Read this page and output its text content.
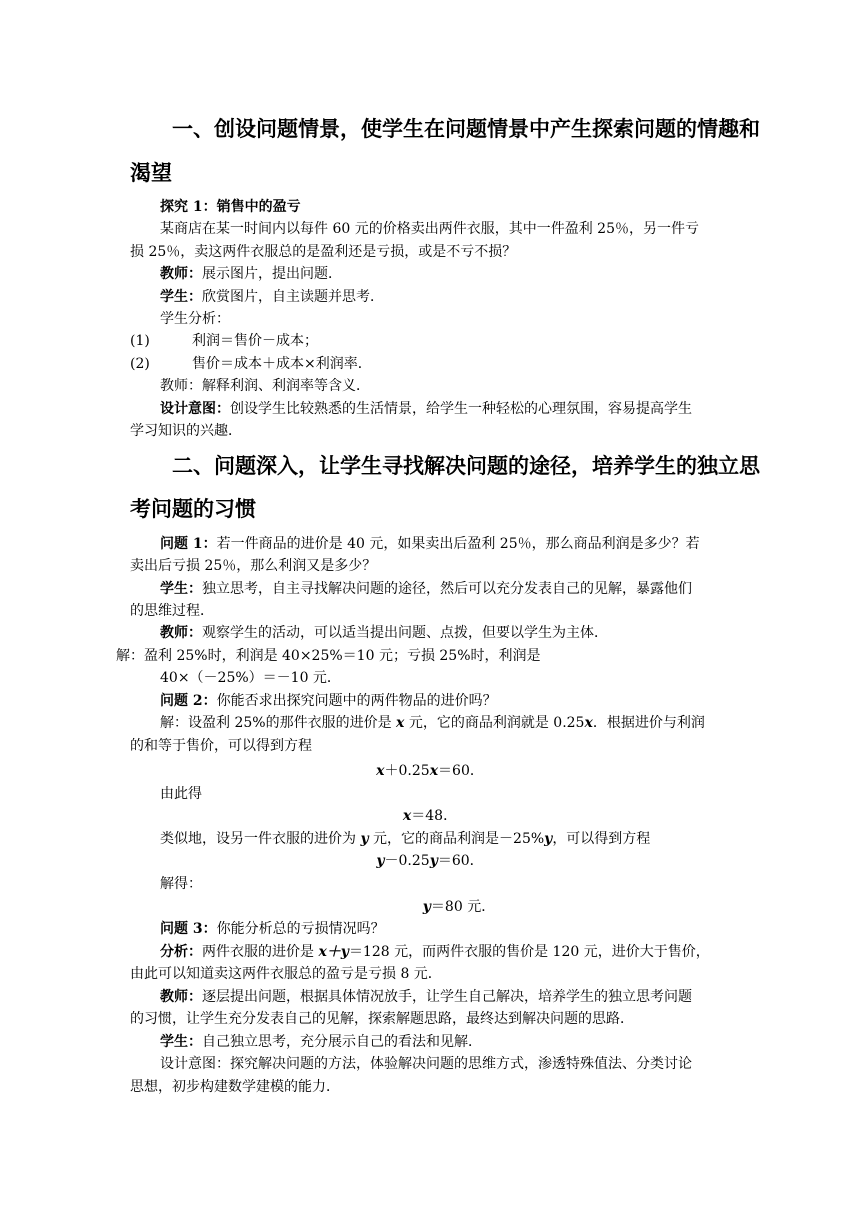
一、创设问题情景，使学生在问题情景中产生探索问题的情趣和
渴望
探究 1：销售中的盈亏
某商店在某一时间内以每件 60 元的价格卖出两件衣服，其中一件盈利 25％，另一件亏
损 25％，卖这两件衣服总的是盈利还是亏损，或是不亏不损？
教师：展示图片，提出问题．
学生：欣赏图片，自主读题并思考．
学生分析：
(1)	利润＝售价－成本；
(2)	售价＝成本＋成本×利润率．
教师：解释利润、利润率等含义．
设计意图：创设学生比较熟悉的生活情景，给学生一种轻松的心理氛围，容易提高学生
学习知识的兴趣．
二、问题深入，让学生寻找解决问题的途径，培养学生的独立思
考问题的习惯
问题 1：若一件商品的进价是 40 元，如果卖出后盈利 25％，那么商品利润是多少？若
卖出后亏损 25％，那么利润又是多少？
学生：独立思考，自主寻找解决问题的途径，然后可以充分发表自己的见解，暴露他们
的思维过程．
教师：观察学生的活动，可以适当提出问题、点拨，但要以学生为主体．
解：盈利 25%时，利润是 40×25%＝10 元；亏损 25%时，利润是
40×（－25%）＝－10 元．
问题 2：你能否求出探究问题中的两件物品的进价吗？
解：设盈利 25%的那件衣服的进价是 x 元，它的商品利润就是 0.25x．根据进价与利润
的和等于售价，可以得到方程
x＋0.25x＝60．
由此得
x＝48．
类似地，设另一件衣服的进价为 y 元，它的商品利润是－25%y，可以得到方程
y－0.25y＝60．
解得：
y＝80 元．
问题 3：你能分析总的亏损情况吗？
分析：两件衣服的进价是 x＋y＝128 元，而两件衣服的售价是 120 元，进价大于售价，
由此可以知道卖这两件衣服总的盈亏是亏损 8 元．
教师：逐层提出问题，根据具体情况放手，让学生自己解决，培养学生的独立思考问题
的习惯，让学生充分发表自己的见解，探索解题思路，最终达到解决问题的思路．
学生：自己独立思考，充分展示自己的看法和见解．
设计意图：探究解决问题的方法，体验解决问题的思维方式，渗透特殊值法、分类讨论
思想，初步构建数学建模的能力．
